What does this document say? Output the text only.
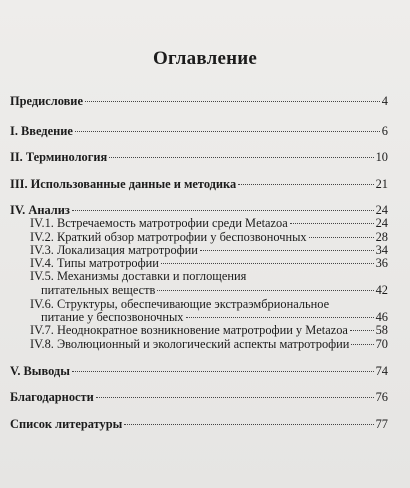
Оглавление
Предисловие	4
I. Введение	6
II. Терминология	10
III. Использованные данные и методика	21
IV. Анализ	24
IV.1. Встречаемость матротрофии среди Metazoa	24
IV.2. Краткий обзор матротрофии у беспозвоночных	28
IV.3. Локализация матротрофии	34
IV.4. Типы матротрофии	36
IV.5. Механизмы доставки и поглощения
питательных веществ	42
IV.6. Структуры, обеспечивающие экстраэмбриональное
питание у беспозвоночных	46
IV.7. Неоднократное возникновение матротрофии у Metazoa 58
IV.8. Эволюционный и экологический аспекты матротрофии 70
V. Выводы	74
Благодарности	76
Список литературы	77
